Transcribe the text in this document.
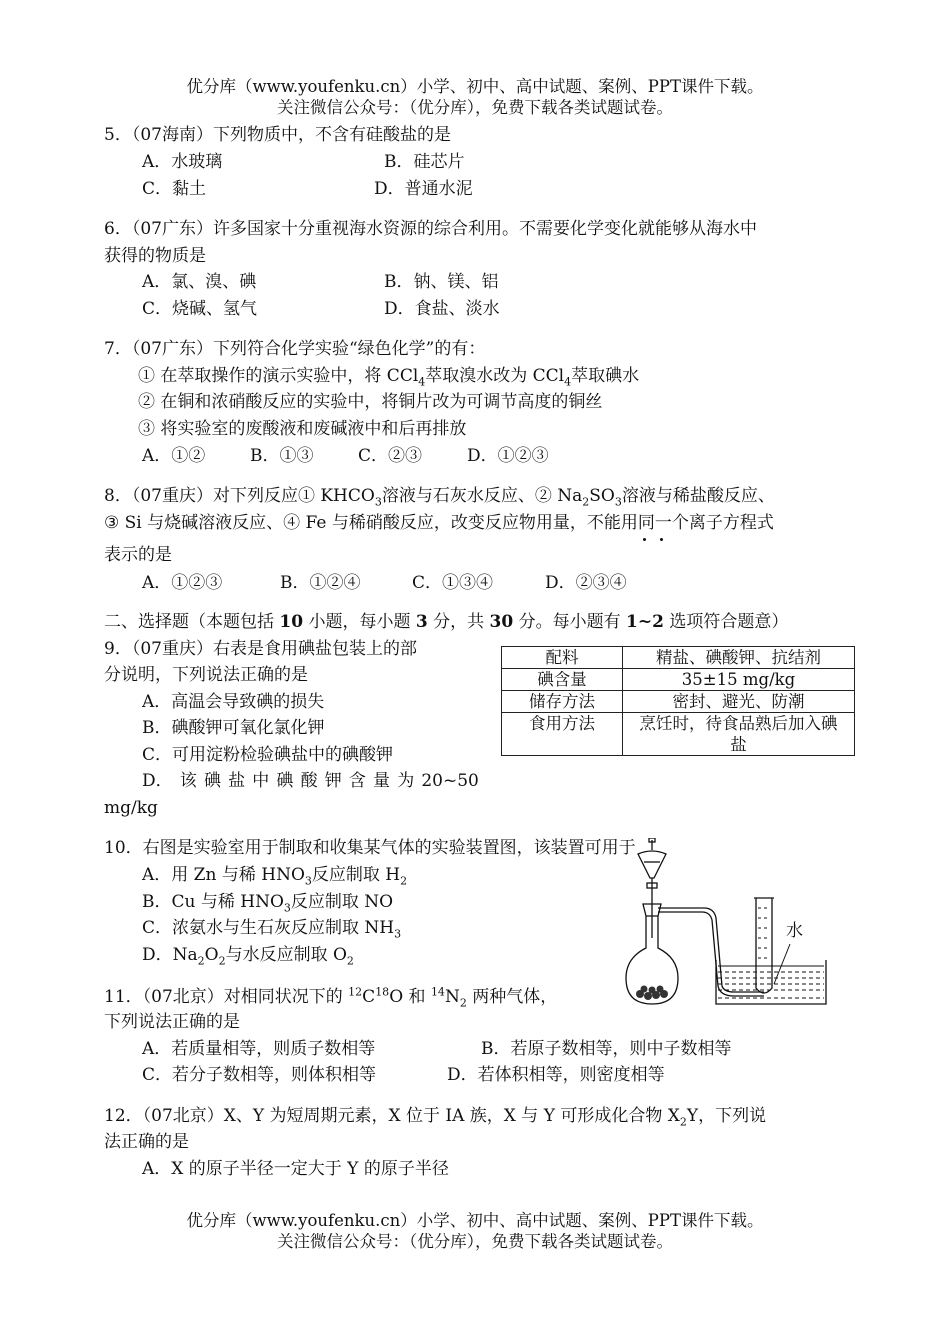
优分库（www.youfenku.cn）小学、初中、高中试题、案例、PPT课件下载。
关注微信公众号：（优分库），免费下载各类试题试卷。
5．（07海南）下列物质中，不含有硅酸盐的是
A．水玻璃	B．硅芯片
C．黏土	D．普通水泥
6．（07广东）许多国家十分重视海水资源的综合利用。不需要化学变化就能够从海水中
获得的物质是
A．氯、溴、碘	B．钠、镁、铝
C．烧碱、氢气	D．食盐、淡水
7．（07广东）下列符合化学实验“绿色化学”的有：
① 在萃取操作的演示实验中，将 CCl$_4$萃取溴水改为 CCl$_4$萃取碘水
② 在铜和浓硝酸反应的实验中，将铜片改为可调节高度的铜丝
③ 将实验室的废酸液和废碱液中和后再排放
A．①②	B．①③	C．②③	D．①②③
8．（07重庆）对下列反应① $KHCO_3$溶液与石灰水反应、② $Na_2SO_3$溶液与稀盐酸反应、
③ Si 与烧碱溶液反应、④ Fe 与稀硝酸反应，改变反应物用量，不能用同一个离子方程式
表示的是
A．①②③	B．①②④	C．①③④	D．②③④
二、选择题（本题包括 10 小题，每小题 3 分，共 30 分。每小题有 1~2 选项符合题意）
9．（07重庆）右表是食用碘盐包装上的部
分说明，下列说法正确的是
A．高温会导致碘的损失
B．碘酸钾可氧化氯化钾
C．可用淀粉检验碘盐中的碘酸钾
D． 该 碘 盐 中 碘 酸 钾 含 量 为 20~50
mg/kg
配料	精盐、碘酸钾、抗结剂
碘含量	35±15 mg/kg
储存方法	密封、避光、防潮
食用方法	烹饪时，待食品熟后加入碘盐
10．右图是实验室用于制取和收集某气体的实验装置图，该装置可用于
A．用 Zn 与稀 $HNO_3$反应制取 $H_2$
B．Cu 与稀 $HNO_3$反应制取 NO
C．浓氨水与生石灰反应制取 $NH_3$
D．$Na_2O_2$与水反应制取 $O_2$
水
11．（07北京）对相同状况下的 $^{12}C^{18}O$ 和 $^{14}N_2$ 两种气体，
下列说法正确的是
A．若质量相等，则质子数相等	B．若原子数相等，则中子数相等
C．若分子数相等，则体积相等	D．若体积相等，则密度相等
12．（07北京）X、Y 为短周期元素，X 位于 IA 族，X 与 Y 可形成化合物 $X_2Y$，下列说
法正确的是
A．X 的原子半径一定大于 Y 的原子半径
优分库（www.youfenku.cn）小学、初中、高中试题、案例、PPT课件下载。
关注微信公众号：（优分库），免费下载各类试题试卷。
